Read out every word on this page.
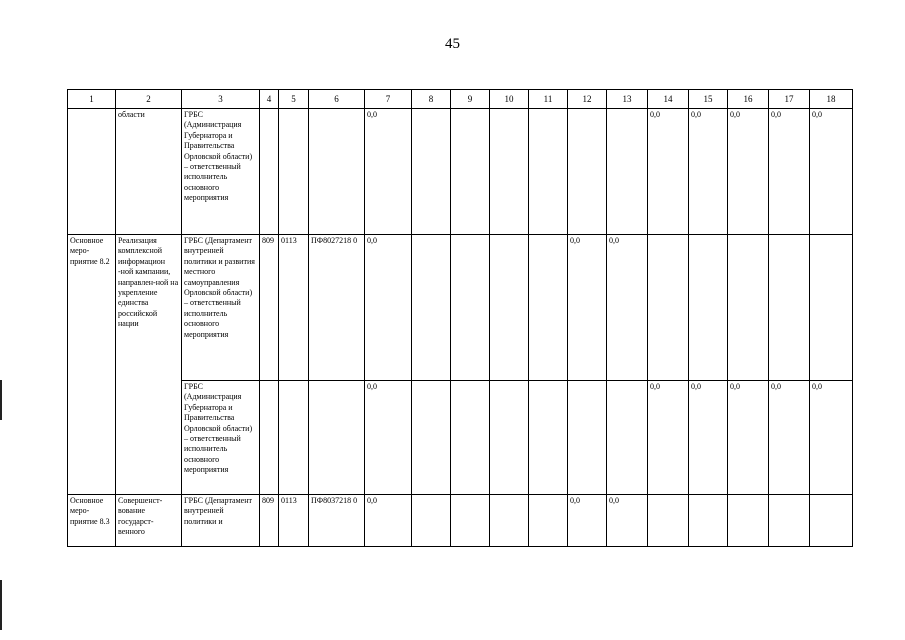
45
1	2	3	4	5	6	7	8	9	10	11	12	13	14	15	16	17	18
	области	ГРБС (Администрация Губернатора и Правительства Орловской области) – ответственный исполнитель основного мероприятия				0,0							0,0	0,0	0,0	0,0	0,0
Основное меро-приятие 8.2	Реализация комплексной информацион -ной кампании, направлен-ной на укрепление единства российской нации	ГРБС (Департамент внутренней политики и развития местного самоуправления Орловской области) – ответственный исполнитель основного мероприятия	809	0113	ПФ8027218 0	0,0					0,0	0,0					
		ГРБС (Администрация Губернатора и Правительства Орловской области) – ответственный исполнитель основного мероприятия				0,0							0,0	0,0	0,0	0,0	0,0
Основное меро-приятие 8.3	Совершенст-вование государст-венного	ГРБС (Департамент внутренней политики и	809	0113	ПФ8037218 0	0,0					0,0	0,0					
